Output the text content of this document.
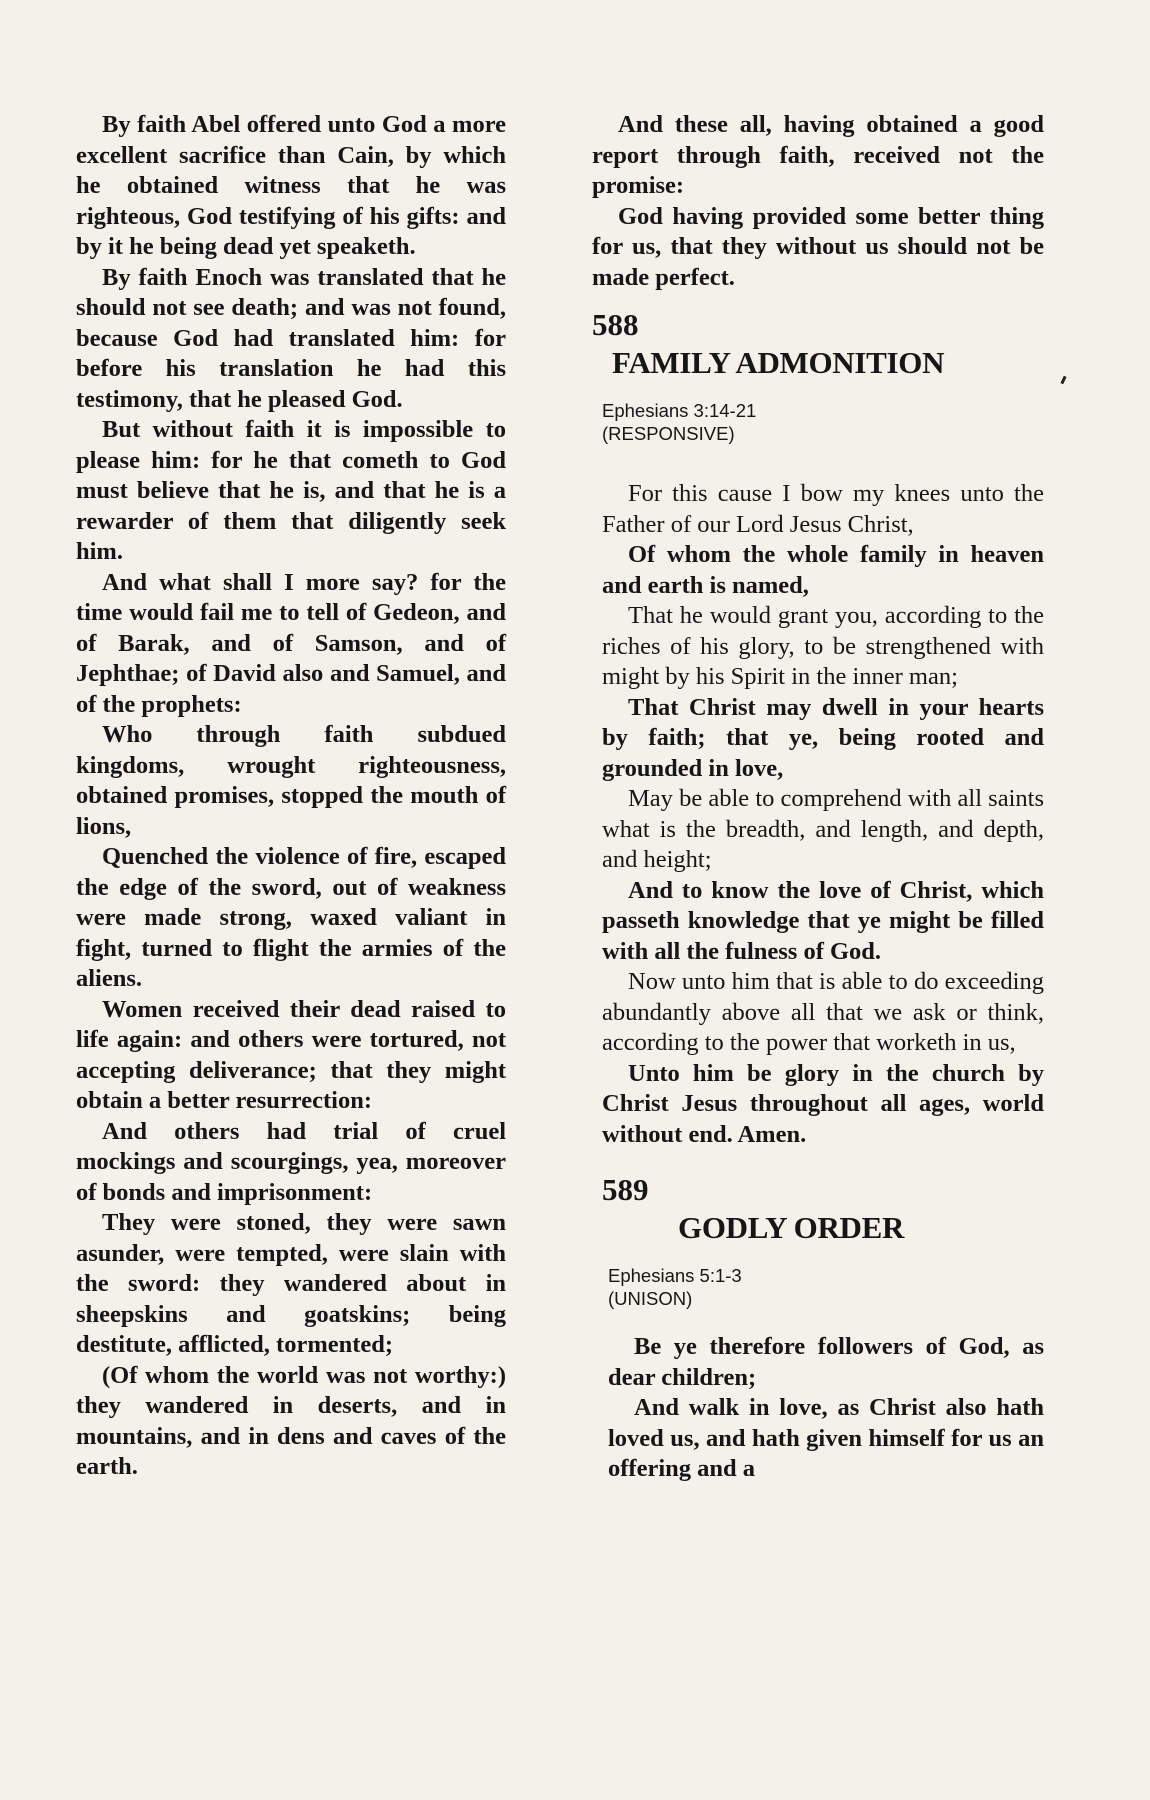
By faith Abel offered unto God a more excellent sacrifice than Cain, by which he obtained witness that he was righteous, God testifying of his gifts: and by it he being dead yet speaketh.

By faith Enoch was translated that he should not see death; and was not found, because God had translated him: for before his translation he had this testimony, that he pleased God.

But without faith it is impossible to please him: for he that cometh to God must believe that he is, and that he is a rewarder of them that diligently seek him.

And what shall I more say? for the time would fail me to tell of Gedeon, and of Barak, and of Samson, and of Jephthae; of David also and Samuel, and of the prophets:

Who through faith subdued kingdoms, wrought righteousness, obtained promises, stopped the mouth of lions,

Quenched the violence of fire, escaped the edge of the sword, out of weakness were made strong, waxed valiant in fight, turned to flight the armies of the aliens.

Women received their dead raised to life again: and others were tortured, not accepting deliverance; that they might obtain a better resurrection:

And others had trial of cruel mockings and scourgings, yea, moreover of bonds and imprisonment:

They were stoned, they were sawn asunder, were tempted, were slain with the sword: they wandered about in sheepskins and goatskins; being destitute, afflicted, tormented;

(Of whom the world was not worthy:) they wandered in deserts, and in mountains, and in dens and caves of the earth.

And these all, having obtained a good report through faith, received not the promise:

God having provided some better thing for us, that they without us should not be made perfect.

588
FAMILY ADMONITION
Ephesians 3:14-21
(RESPONSIVE)

For this cause I bow my knees unto the Father of our Lord Jesus Christ,

Of whom the whole family in heaven and earth is named,

That he would grant you, according to the riches of his glory, to be strengthened with might by his Spirit in the inner man;

That Christ may dwell in your hearts by faith; that ye, being rooted and grounded in love,

May be able to comprehend with all saints what is the breadth, and length, and depth, and height;

And to know the love of Christ, which passeth knowledge that ye might be filled with all the fulness of God.

Now unto him that is able to do exceeding abundantly above all that we ask or think, according to the power that worketh in us,

Unto him be glory in the church by Christ Jesus throughout all ages, world without end. Amen.

589
GODLY ORDER
Ephesians 5:1-3
(UNISON)

Be ye therefore followers of God, as dear children;

And walk in love, as Christ also hath loved us, and hath given himself for us an offering and a
